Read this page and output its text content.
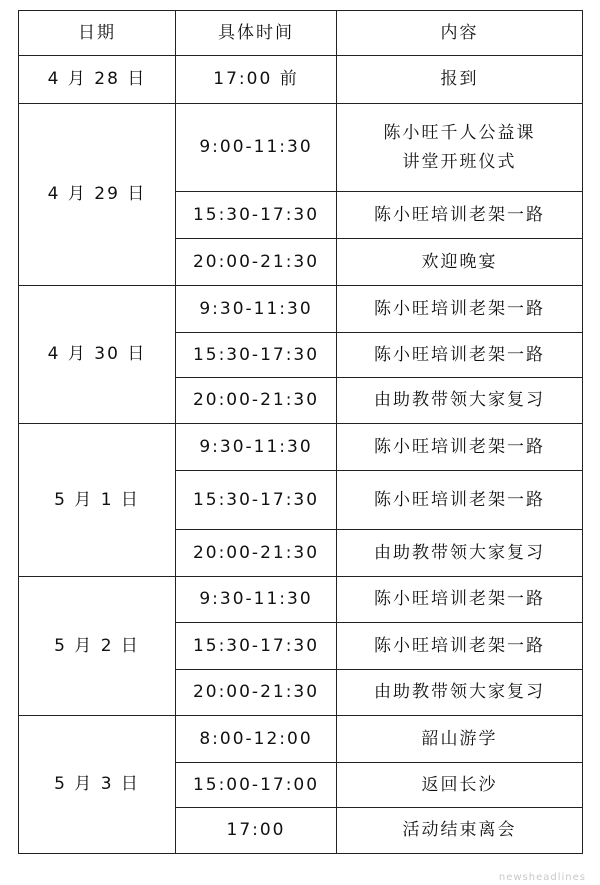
日期	具体时间	内容
4 月 28 日	17:00 前	报到
4 月 29 日	9:00-11:30	陈小旺千人公益课讲堂开班仪式
	15:30-17:30	陈小旺培训老架一路
	20:00-21:30	欢迎晚宴
4 月 30 日	9:30-11:30	陈小旺培训老架一路
	15:30-17:30	陈小旺培训老架一路
	20:00-21:30	由助教带领大家复习
5 月 1 日	9:30-11:30	陈小旺培训老架一路
	15:30-17:30	陈小旺培训老架一路
	20:00-21:30	由助教带领大家复习
5 月 2 日	9:30-11:30	陈小旺培训老架一路
	15:30-17:30	陈小旺培训老架一路
	20:00-21:30	由助教带领大家复习
5 月 3 日	8:00-12:00	韶山游学
	15:00-17:00	返回长沙
	17:00	活动结束离会
newsheadlines
